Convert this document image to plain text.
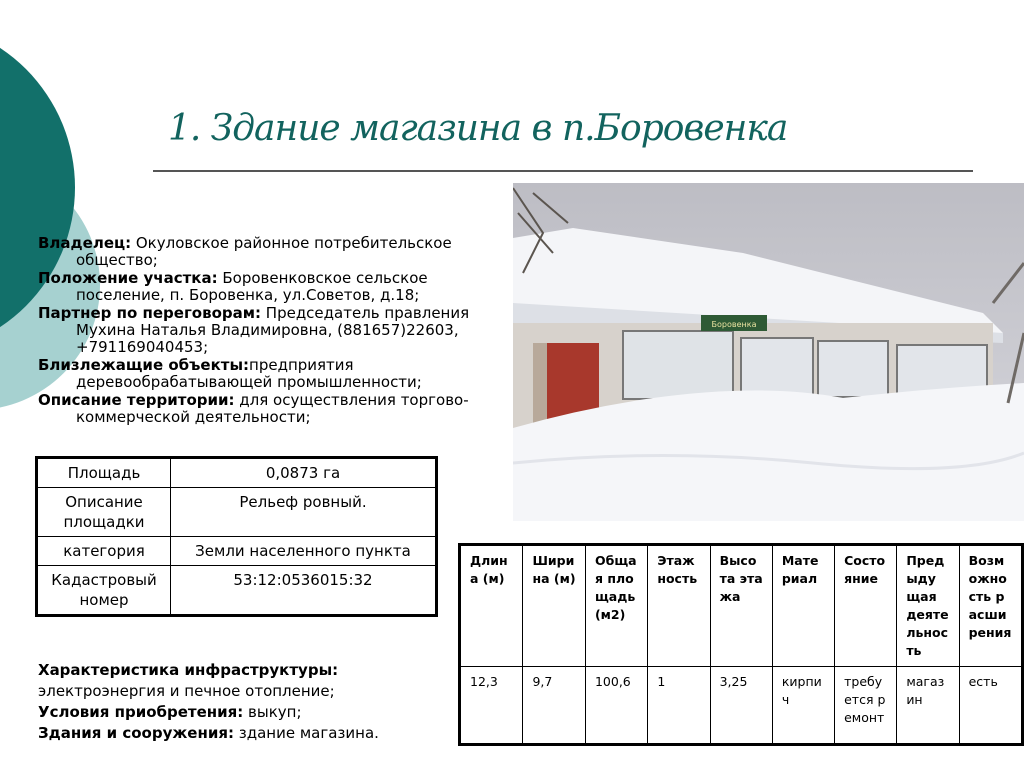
1. Здание магазина в п.Боровенка

Владелец: Окуловское районное потребительское общество;

Положение участка: Боровенковское сельское поселение, п. Боровенка, ул.Советов, д.18;

Партнер по переговорам: Председатель правления Мухина Наталья Владимировна, (881657)22603, +791169040453;

Близлежащие объекты:предприятия деревообрабатывающей промышленности;

Описание территории: для осуществления торгово-коммерческой деятельности;

Площадь	0,0873 га
Описание площадки	Рельеф ровный.
категория	Земли населенного пункта
Кадастровый номер	53:12:0536015:32

Характеристика инфраструктуры:

электроэнергия и печное отопление;

Условия приобретения: выкуп;

Здания и сооружения: здание магазина.

Боровенка
Длина (м)	Ширина (м)	Общая площадь (м2)	Этажность	Высота этажа	Материал	Состояние	Предыдущая деятельность	Возможность расширения
12,3	9,7	100,6	1	3,25	кирпич	требуется ремонт	магазин	есть
